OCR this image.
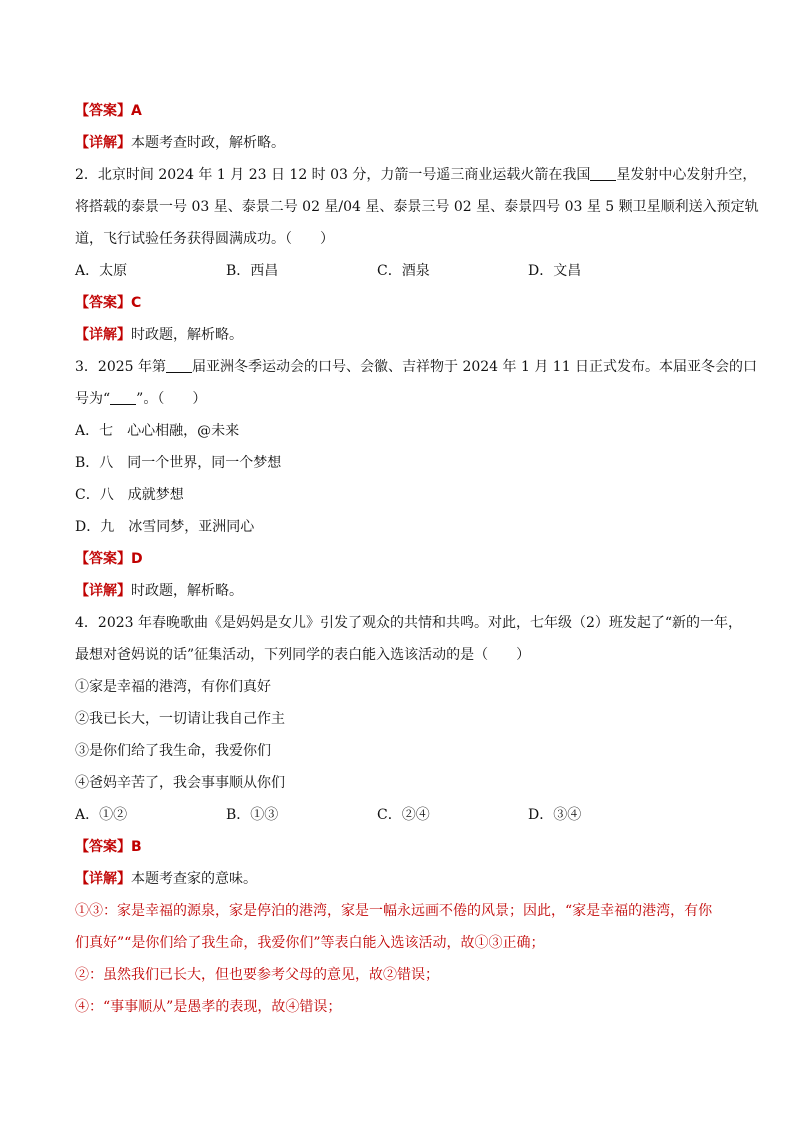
【答案】A
【详解】本题考查时政，解析略。
2．北京时间 2024 年 1 月 23 日 12 时 03 分，力箭一号遥三商业运载火箭在我国 星发射中心发射升空，
将搭载的泰景一号 03 星、泰景二号 02 星/04 星、泰景三号 02 星、泰景四号 03 星 5 颗卫星顺利送入预定轨
道，飞行试验任务获得圆满成功。（　　）
A．太原	B．西昌	C．酒泉	D．文昌
【答案】C
【详解】时政题，解析略。
3．2025 年第 届亚洲冬季运动会的口号、会徽、吉祥物于 2024 年 1 月 11 日正式发布。本届亚冬会的口
号为“ ”。（　　）
A．七　心心相融，@未来
B．八　同一个世界，同一个梦想
C．八　成就梦想
D．九　冰雪同梦，亚洲同心
【答案】D
【详解】时政题，解析略。
4．2023 年春晚歌曲《是妈妈是女儿》引发了观众的共情和共鸣。对此，七年级（2）班发起了“新的一年，
最想对爸妈说的话”征集活动，下列同学的表白能入选该活动的是（　　）
①家是幸福的港湾，有你们真好
②我已长大，一切请让我自己作主
③是你们给了我生命，我爱你们
④爸妈辛苦了，我会事事顺从你们
A．①②	B．①③	C．②④	D．③④
【答案】B
【详解】本题考查家的意味。
①③：家是幸福的源泉，家是停泊的港湾，家是一幅永远画不倦的风景；因此，“家是幸福的港湾，有你
们真好”“是你们给了我生命，我爱你们”等表白能入选该活动，故①③正确；
②：虽然我们已长大，但也要参考父母的意见，故②错误；
④：“事事顺从”是愚孝的表现，故④错误；
